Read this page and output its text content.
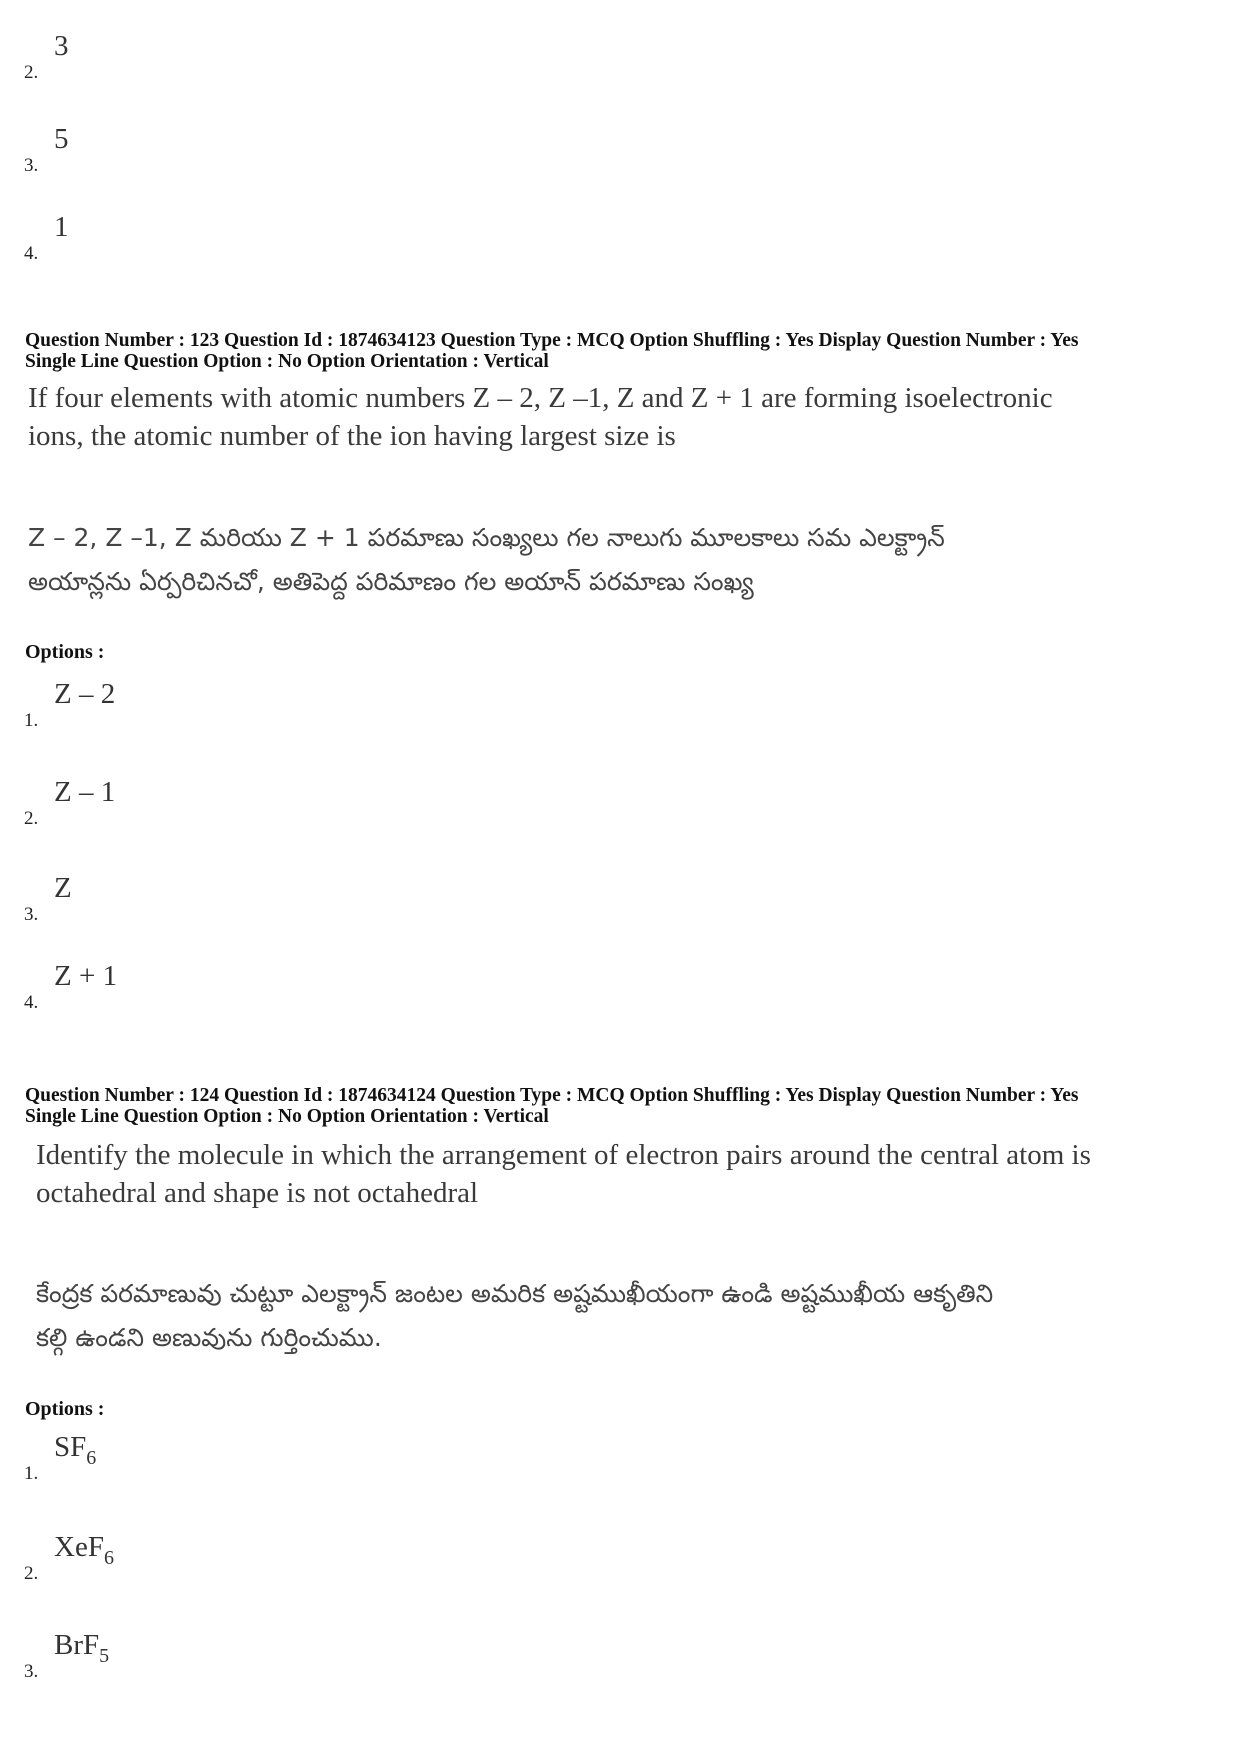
2.
3
3.
5
4.
1
Question Number : 123 Question Id : 1874634123 Question Type : MCQ Option Shuffling : Yes Display Question Number : Yes
Single Line Question Option : No Option Orientation : Vertical
If four elements with atomic numbers Z – 2, Z –1, Z and Z + 1 are forming isoelectronic
ions, the atomic number of the ion having largest size is
Z – 2, Z –1, Z మరియు Z + 1 పరమాణు సంఖ్యలు గల నాలుగు మూలకాలు సమ ఎలక్ట్రాన్
అయాన్లను ఏర్పరిచినచో, అతిపెద్ద పరిమాణం గల అయాన్ పరమాణు సంఖ్య
Options :
1.
Z – 2
2.
Z – 1
3.
Z
4.
Z + 1
Question Number : 124 Question Id : 1874634124 Question Type : MCQ Option Shuffling : Yes Display Question Number : Yes
Single Line Question Option : No Option Orientation : Vertical
Identify the molecule in which the arrangement of electron pairs around the central atom is
octahedral and shape is not octahedral
కేంద్రక పరమాణువు చుట్టూ ఎలక్ట్రాన్ జంటల అమరిక అష్టముఖీయంగా ఉండి అష్టముఖీయ ఆకృతిని
కల్గి ఉండని అణువును గుర్తించుము.
Options :
1.
$SF_6$
2.
XeF$_6$
3.
BrF$_5$
